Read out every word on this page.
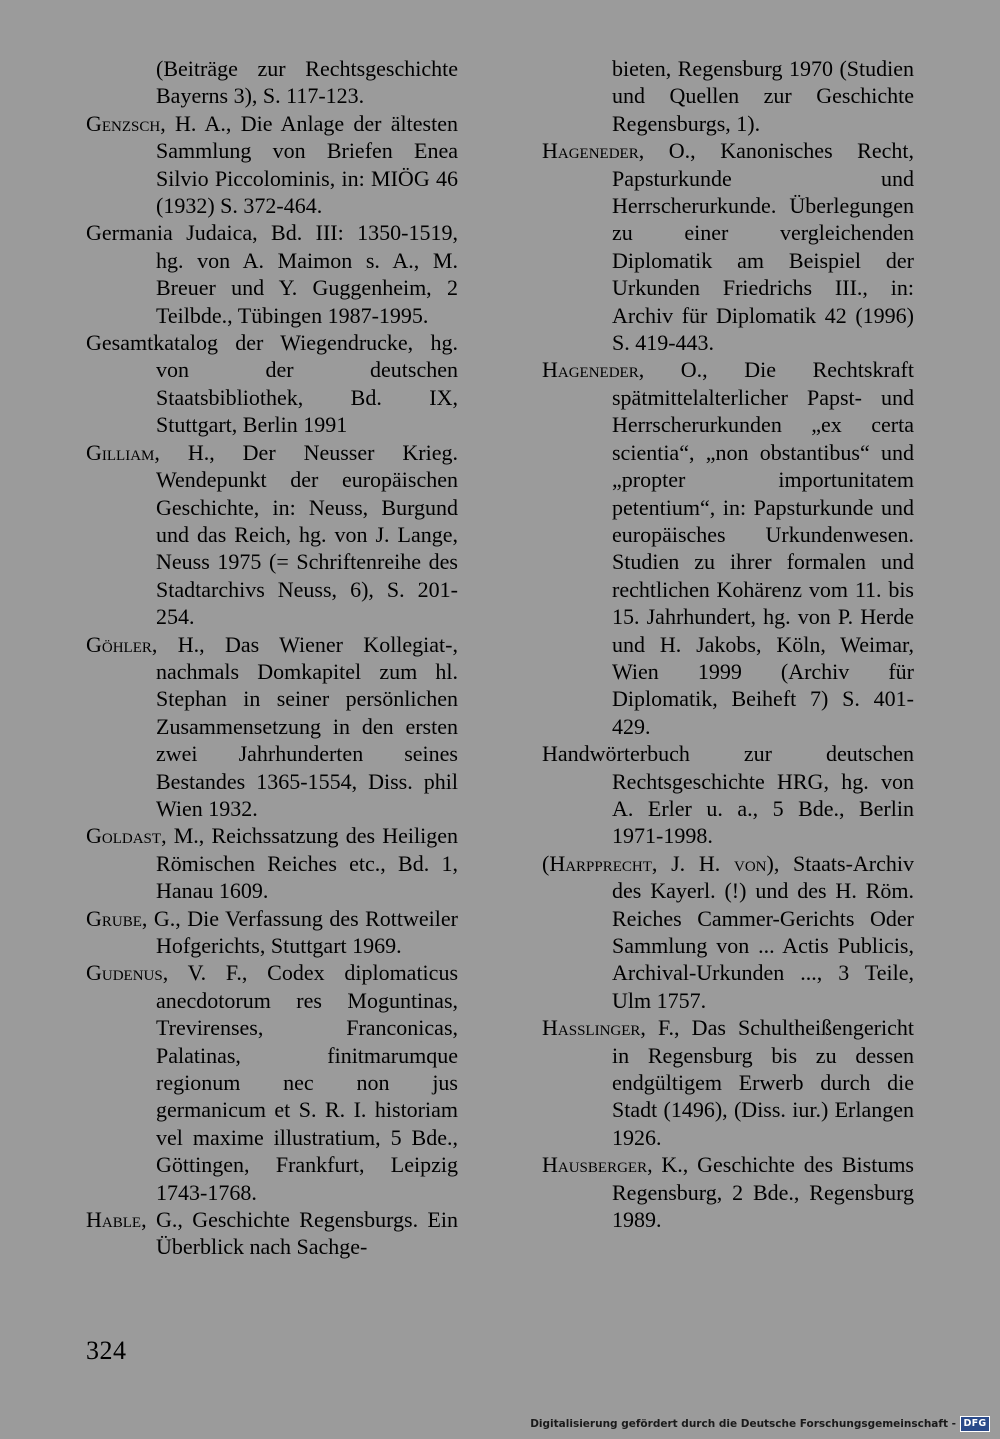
(Beiträge zur Rechtsgeschichte Bayerns 3), S. 117-123.

Genzsch, H. A., Die Anlage der ältesten Sammlung von Briefen Enea Silvio Piccolominis, in: MIÖG 46 (1932) S. 372-464.

Germania Judaica, Bd. III: 1350-1519, hg. von A. Maimon s. A., M. Breuer und Y. Guggenheim, 2 Teilbde., Tübingen 1987-1995.

Gesamtkatalog der Wiegendrucke, hg. von der deutschen Staatsbibliothek, Bd. IX, Stuttgart, Berlin 1991

Gilliam, H., Der Neusser Krieg. Wendepunkt der europäischen Geschichte, in: Neuss, Burgund und das Reich, hg. von J. Lange, Neuss 1975 (= Schriftenreihe des Stadtarchivs Neuss, 6), S. 201-254.

Göhler, H., Das Wiener Kollegiat-, nachmals Domkapitel zum hl. Stephan in seiner persönlichen Zusammensetzung in den ersten zwei Jahrhunderten seines Bestandes 1365-1554, Diss. phil Wien 1932.

Goldast, M., Reichssatzung des Heiligen Römischen Reiches etc., Bd. 1, Hanau 1609.

Grube, G., Die Verfassung des Rottweiler Hofgerichts, Stuttgart 1969.

Gudenus, V. F., Codex diplomaticus anecdotorum res Moguntinas, Trevirenses, Franconicas, Palatinas, finitmarumque regionum nec non jus germanicum et S. R. I. historiam vel maxime illustratium, 5 Bde., Göttingen, Frankfurt, Leipzig 1743-1768.

Hable, G., Geschichte Regensburgs. Ein Überblick nach Sachge-

bieten, Regensburg 1970 (Studien und Quellen zur Geschichte Regensburgs, 1).

Hageneder, O., Kanonisches Recht, Papsturkunde und Herrscherurkunde. Überlegungen zu einer vergleichenden Diplomatik am Beispiel der Urkunden Friedrichs III., in: Archiv für Diplomatik 42 (1996) S. 419-443.

Hageneder, O., Die Rechtskraft spätmittelalterlicher Papst- und Herrscherurkunden „ex certa scientia“, „non obstantibus“ und „propter importunitatem petentium“, in: Papsturkunde und europäisches Urkundenwesen. Studien zu ihrer formalen und rechtlichen Kohärenz vom 11. bis 15. Jahrhundert, hg. von P. Herde und H. Jakobs, Köln, Weimar, Wien 1999 (Archiv für Diplomatik, Beiheft 7) S. 401-429.

Handwörterbuch zur deutschen Rechtsgeschichte HRG, hg. von A. Erler u. a., 5 Bde., Berlin 1971-1998.

(Harpprecht, J. H. von), Staats-Archiv des Kayerl. (!) und des H. Röm. Reiches Cammer-Gerichts Oder Sammlung von ... Actis Publicis, Archival-Urkunden ..., 3 Teile, Ulm 1757.

Hasslinger, F., Das Schultheißengericht in Regensburg bis zu dessen endgültigem Erwerb durch die Stadt (1496), (Diss. iur.) Erlangen 1926.

Hausberger, K., Geschichte des Bistums Regensburg, 2 Bde., Regensburg 1989.

324
Digitalisierung gefördert durch die Deutsche Forschungsgemeinschaft - DFG
